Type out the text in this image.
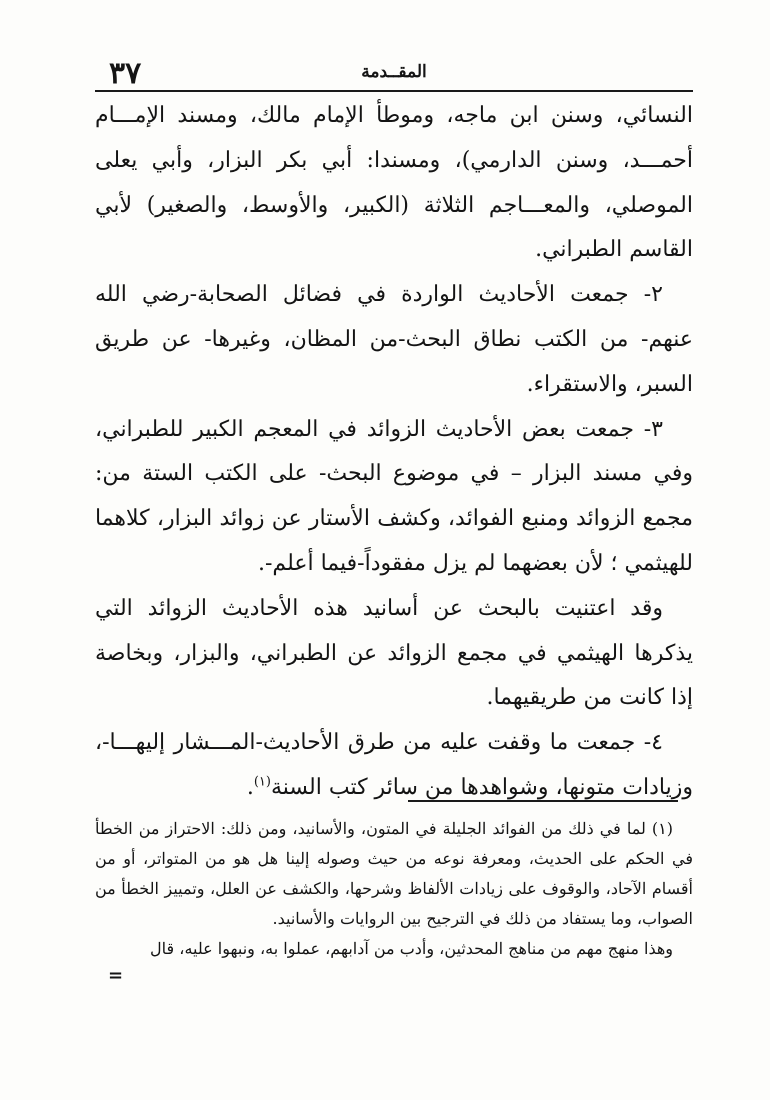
٣٧	المقــدمة

النسائي، وسنن ابن ماجه، وموطأ الإمام مالك، ومسند الإمـــام أحمـــد، وسنن الدارمي)، ومسندا: أبي بكر البزار، وأبي يعلى الموصلي، والمعـــاجم الثلاثة (الكبير، والأوسط، والصغير) لأبي القاسم الطبراني.

٢- جمعت الأحاديث الواردة في فضائل الصحابة-رضي الله عنهم- من الكتب نطاق البحث-من المظان، وغيرها- عن طريق السبر، والاستقراء.

٣- جمعت بعض الأحاديث الزوائد في المعجم الكبير للطبراني، وفي مسند البزار – في موضوع البحث- على الكتب الستة من: مجمع الزوائد ومنبع الفوائد، وكشف الأستار عن زوائد البزار، كلاهما للهيثمي ؛ لأن بعضهما لم يزل مفقوداً-فيما أعلم-.

وقد اعتنيت بالبحث عن أسانيد هذه الأحاديث الزوائد التي يذكرها الهيثمي في مجمع الزوائد عن الطبراني، والبزار، وبخاصة إذا كانت من طريقيهما.

٤- جمعت ما وقفت عليه من طرق الأحاديث-المـــشار إليهـــا-، وزيادات متونها، وشواهدها من سائر كتب السنة$^{(١)}$.

(١) لما في ذلك من الفوائد الجليلة في المتون، والأسانيد، ومن ذلك: الاحتراز من الخطأ في الحكم على الحديث، ومعرفة نوعه من حيث وصوله إلينا هل هو من المتواتر، أو من أقسام الآحاد، والوقوف على زيادات الألفاظ وشرحها، والكشف عن العلل، وتمييز الخطأ من الصواب، وما يستفاد من ذلك في الترجيح بين الروايات والأسانيد.

وهذا منهج مهم من مناهج المحدثين، وأدب من آدابهم، عملوا به، ونبهوا عليه، قال

=
